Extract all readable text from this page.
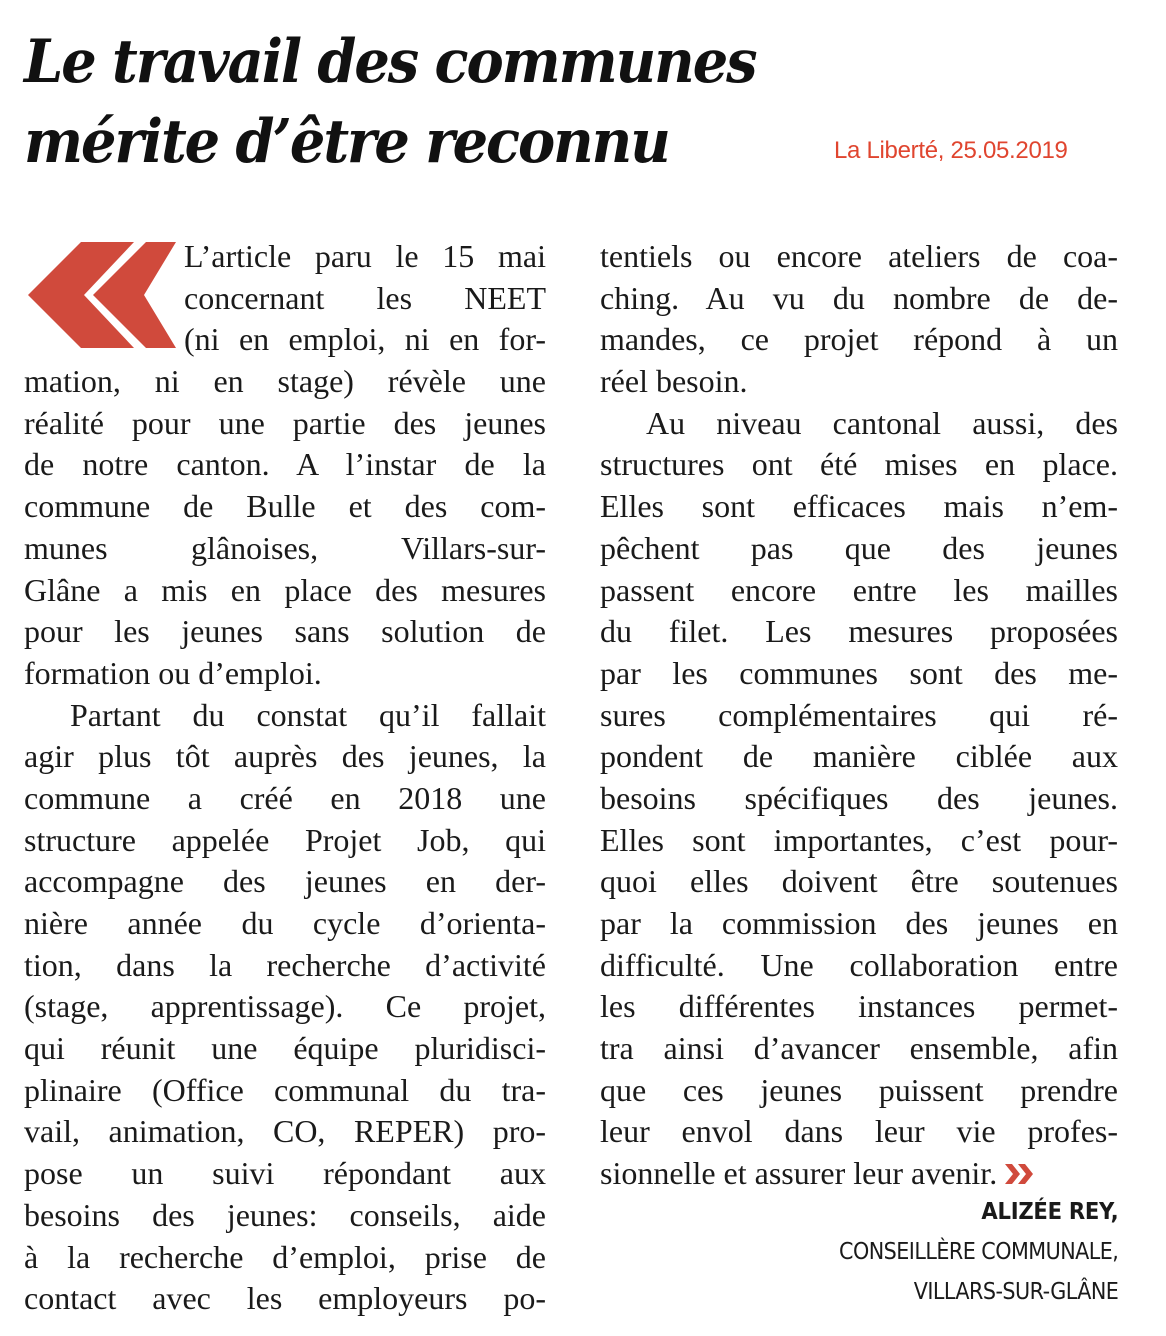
Le travail des communes
mérite d’être reconnu	La Liberté, 25.05.2019
L’article paru le 15 mai
concernant les NEET
(ni en emploi, ni en for-
mation, ni en stage) révèle une
réalité pour une partie des jeunes
de notre canton. A l’instar de la
commune de Bulle et des com-
munes glânoises, Villars-sur-
Glâne a mis en place des mesures
pour les jeunes sans solution de
formation ou d’emploi.
Partant du constat qu’il fallait
agir plus tôt auprès des jeunes, la
commune a créé en 2018 une
structure appelée Projet Job, qui
accompagne des jeunes en der-
nière année du cycle d’orienta-
tion, dans la recherche d’activité
(stage, apprentissage). Ce projet,
qui réunit une équipe pluridisci-
plinaire (Office communal du tra-
vail, animation, CO, REPER) pro-
pose un suivi répondant aux
besoins des jeunes: conseils, aide
à la recherche d’emploi, prise de
contact avec les employeurs po-
tentiels ou encore ateliers de coa-
ching. Au vu du nombre de de-
mandes, ce projet répond à un
réel besoin.
Au niveau cantonal aussi, des
structures ont été mises en place.
Elles sont efficaces mais n’em-
pêchent pas que des jeunes
passent encore entre les mailles
du filet. Les mesures proposées
par les communes sont des me-
sures complémentaires qui ré-
pondent de manière ciblée aux
besoins spécifiques des jeunes.
Elles sont importantes, c’est pour-
quoi elles doivent être soutenues
par la commission des jeunes en
difficulté. Une collaboration entre
les différentes instances permet-
tra ainsi d’avancer ensemble, afin
que ces jeunes puissent prendre
leur envol dans leur vie profes-
sionnelle et assurer leur avenir.
ALIZÉE REY,
CONSEILLÈRE COMMUNALE,
VILLARS-SUR-GLÂNE
